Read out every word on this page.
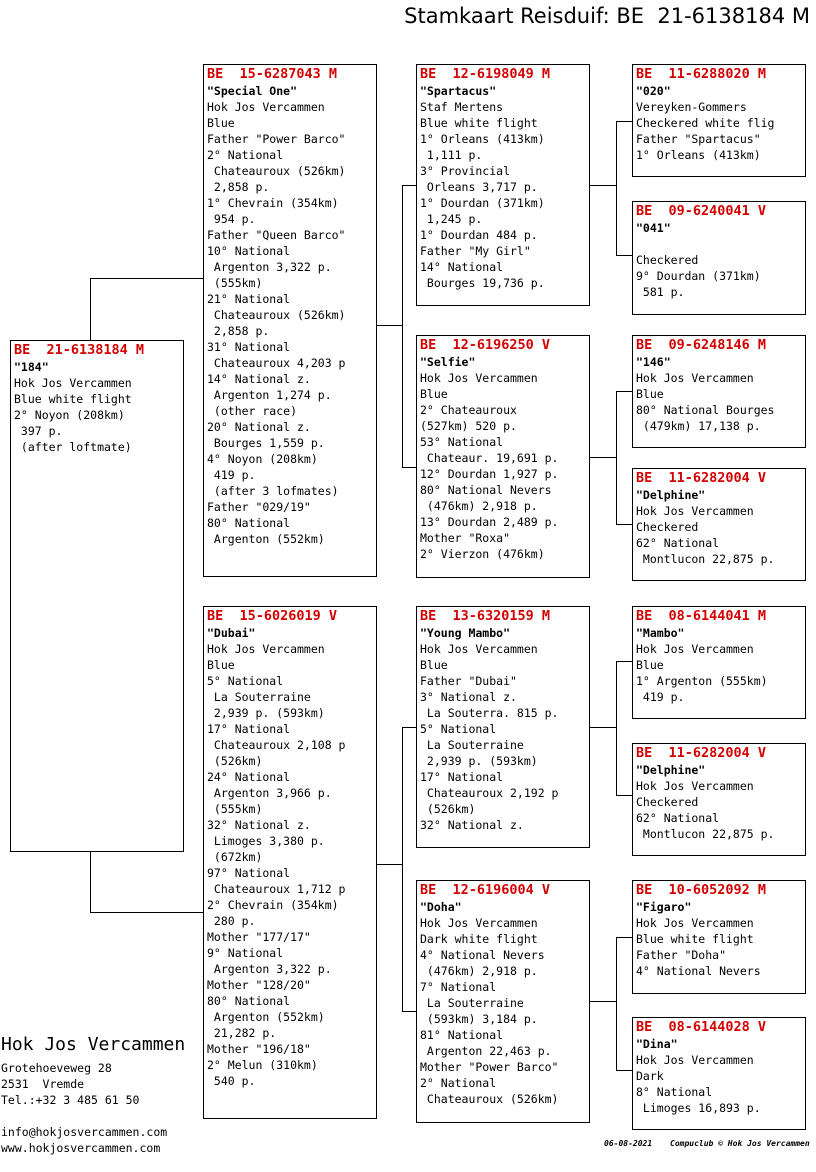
Stamkaart Reisduif: BE  21-6138184 M
BE  21-6138184 M
"184"
Hok Jos Vercammen
Blue white flight
2° Noyon (208km)
397 p.
(after loftmate)
BE  15-6287043 M
"Special One"
Hok Jos Vercammen
Blue
Father "Power Barco"
2° National
Chateauroux (526km)
2,858 p.
1° Chevrain (354km)
954 p.
Father "Queen Barco"
10° National
Argenton 3,322 p.
(555km)
21° National
Chateauroux (526km)
2,858 p.
31° National
Chateauroux 4,203 p
14° National z.
Argenton 1,274 p.
(other race)
20° National z.
Bourges 1,559 p.
4° Noyon (208km)
419 p.
(after 3 lofmates)
Father "029/19"
80° National
Argenton (552km)
BE  15-6026019 V
"Dubai"
Hok Jos Vercammen
Blue
5° National
La Souterraine
2,939 p. (593km)
17° National
Chateauroux 2,108 p
(526km)
24° National
Argenton 3,966 p.
(555km)
32° National z.
Limoges 3,380 p.
(672km)
97° National
Chateauroux 1,712 p
2° Chevrain (354km)
280 p.
Mother "177/17"
9° National
Argenton 3,322 p.
Mother "128/20"
80° National
Argenton (552km)
21,282 p.
Mother "196/18"
2° Melun (310km)
540 p.
BE  12-6198049 M
"Spartacus"
Staf Mertens
Blue white flight
1° Orleans (413km)
1,111 p.
3° Provincial
Orleans 3,717 p.
1° Dourdan (371km)
1,245 p.
1° Dourdan 484 p.
Father "My Girl"
14° National
Bourges 19,736 p.
BE  12-6196250 V
"Selfie"
Hok Jos Vercammen
Blue
2° Chateauroux
(527km) 520 p.
53° National
Chateaur. 19,691 p.
12° Dourdan 1,927 p.
80° National Nevers
(476km) 2,918 p.
13° Dourdan 2,489 p.
Mother "Roxa"
2° Vierzon (476km)
BE  13-6320159 M
"Young Mambo"
Hok Jos Vercammen
Blue
Father "Dubai"
3° National z.
La Souterra. 815 p.
5° National
La Souterraine
2,939 p. (593km)
17° National
Chateauroux 2,192 p
(526km)
32° National z.
BE  12-6196004 V
"Doha"
Hok Jos Vercammen
Dark white flight
4° National Nevers
(476km) 2,918 p.
7° National
La Souterraine
(593km) 3,184 p.
81° National
Argenton 22,463 p.
Mother "Power Barco"
2° National
Chateauroux (526km)
BE  11-6288020 M
"020"
Vereyken-Gommers
Checkered white flig
Father "Spartacus"
1° Orleans (413km)
BE  09-6240041 V
"041"
Checkered
9° Dourdan (371km)
581 p.
BE  09-6248146 M
"146"
Hok Jos Vercammen
Blue
80° National Bourges
(479km) 17,138 p.
BE  11-6282004 V
"Delphine"
Hok Jos Vercammen
Checkered
62° National
Montlucon 22,875 p.
BE  08-6144041 M
"Mambo"
Hok Jos Vercammen
Blue
1° Argenton (555km)
419 p.
BE  11-6282004 V
"Delphine"
Hok Jos Vercammen
Checkered
62° National
Montlucon 22,875 p.
BE  10-6052092 M
"Figaro"
Hok Jos Vercammen
Blue white flight
Father "Doha"
4° National Nevers
BE  08-6144028 V
"Dina"
Hok Jos Vercammen
Dark
8° National
Limoges 16,893 p.
Hok Jos Vercammen
Grotehoeveweg 28
2531  Vremde
Tel.:+32 3 485 61 50
info@hokjosvercammen.com
www.hokjosvercammen.com	06-08-2021 Compuclub © Hok Jos Vercammen
